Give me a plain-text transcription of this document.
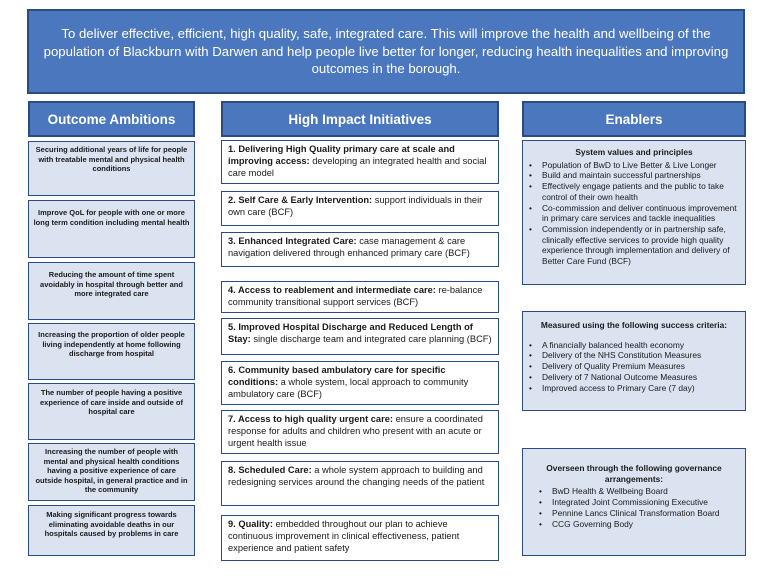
To deliver effective, efficient, high quality, safe, integrated care. This will improve the health and wellbeing of the population of Blackburn with Darwen and help people live better for longer, reducing health inequalities and improving outcomes in the borough.
Outcome Ambitions	High Impact Initiatives	Enablers
Securing additional years of life for people with treatable mental and physical health conditions
Improve QoL for people with one or more long term condition including mental health
Reducing the amount of time spent avoidably in hospital through better and more integrated care
Increasing the proportion of older people living independently at home following discharge from hospital
The number of people having a positive experience of care inside and outside of hospital care
Increasing the number of people with mental and physical health conditions having a positive experience of care outside hospital, in general practice and in the community
Making significant progress towards eliminating avoidable deaths in our hospitals caused by problems in care
1. Delivering High Quality primary care at scale and improving access: developing an integrated health and social care model
2. Self Care & Early Intervention: support individuals in their own care (BCF)
3. Enhanced Integrated Care: case management & care navigation delivered through enhanced primary care (BCF)
4. Access to reablement and intermediate care: re-balance community transitional support services (BCF)
5. Improved Hospital Discharge and Reduced Length of Stay: single discharge team and integrated care planning (BCF)
6. Community based ambulatory care for specific conditions: a whole system, local approach to community ambulatory care (BCF)
7. Access to high quality urgent care: ensure a coordinated response for adults and children who present with an acute or urgent health issue
8. Scheduled Care: a whole system approach to building and redesigning services around the changing needs of the patient
9. Quality: embedded throughout our plan to achieve continuous improvement in clinical effectiveness, patient experience and patient safety
System values and principles
• Population of BwD to Live Better & Live Longer
• Build and maintain successful partnerships
• Effectively engage patients and the public to take control of their own health
• Co-commission and deliver continuous improvement in primary care services and tackle inequalities
• Commission independently or in partnership safe, clinically effective services to provide high quality experience through implementation and delivery of Better Care Fund (BCF)
Measured using the following success criteria:
• A financially balanced health economy
• Delivery of the NHS Constitution Measures
• Delivery of Quality Premium Measures
• Delivery of 7 National Outcome Measures
• Improved access to Primary Care (7 day)
Overseen through the following governance arrangements:
• BwD Health & Wellbeing Board
• Integrated Joint Commissioning Executive
• Pennine Lancs Clinical Transformation Board
• CCG Governing Body
